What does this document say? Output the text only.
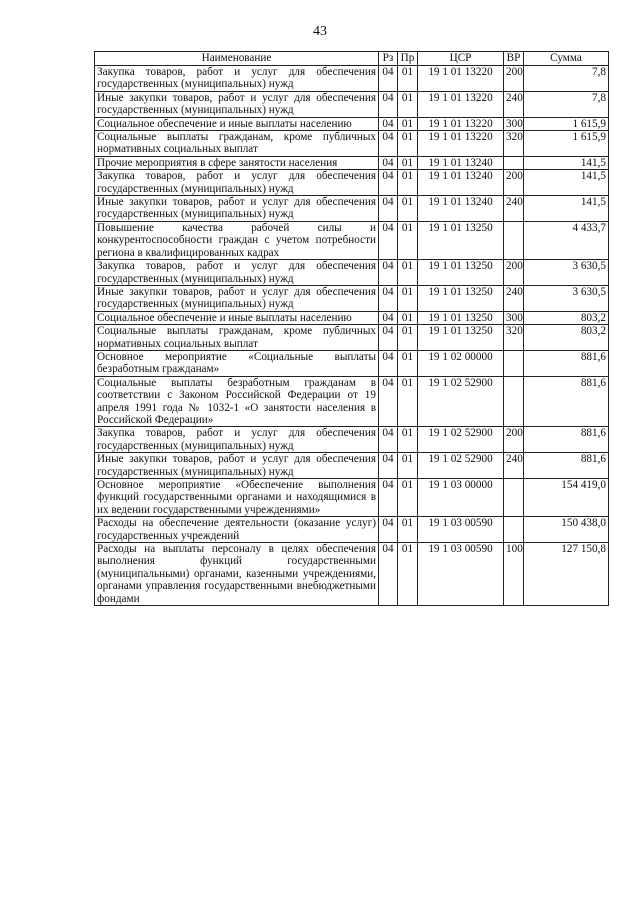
43
Наименование	Рз	Пр	ЦСР	ВР	Сумма
Закупка товаров, работ и услуг для обеспечения государственных (муниципальных) нужд	04	01	19 1 01 13220	200	7,8
Иные закупки товаров, работ и услуг для обеспечения государственных (муниципальных) нужд	04	01	19 1 01 13220	240	7,8
Социальное обеспечение и иные выплаты населению	04	01	19 1 01 13220	300	1 615,9
Социальные выплаты гражданам, кроме публичных нормативных социальных выплат	04	01	19 1 01 13220	320	1 615,9
Прочие мероприятия в сфере занятости населения	04	01	19 1 01 13240		141,5
Закупка товаров, работ и услуг для обеспечения государственных (муниципальных) нужд	04	01	19 1 01 13240	200	141,5
Иные закупки товаров, работ и услуг для обеспечения государственных (муниципальных) нужд	04	01	19 1 01 13240	240	141,5
Повышение качества рабочей силы и конкурентоспособности граждан с учетом потребности региона в квалифицированных кадрах	04	01	19 1 01 13250		4 433,7
Закупка товаров, работ и услуг для обеспечения государственных (муниципальных) нужд	04	01	19 1 01 13250	200	3 630,5
Иные закупки товаров, работ и услуг для обеспечения государственных (муниципальных) нужд	04	01	19 1 01 13250	240	3 630,5
Социальное обеспечение и иные выплаты населению	04	01	19 1 01 13250	300	803,2
Социальные выплаты гражданам, кроме публичных нормативных социальных выплат	04	01	19 1 01 13250	320	803,2
Основное мероприятие «Социальные выплаты безработным гражданам»	04	01	19 1 02 00000		881,6
Социальные выплаты безработным гражданам в соответствии с Законом Российской Федерации от 19 апреля 1991 года № 1032-1 «О занятости населения в Российской Федерации»	04	01	19 1 02 52900		881,6
Закупка товаров, работ и услуг для обеспечения государственных (муниципальных) нужд	04	01	19 1 02 52900	200	881,6
Иные закупки товаров, работ и услуг для обеспечения государственных (муниципальных) нужд	04	01	19 1 02 52900	240	881,6
Основное мероприятие «Обеспечение выполнения функций государственными органами и находящимися в их ведении государственными учреждениями»	04	01	19 1 03 00000		154 419,0
Расходы на обеспечение деятельности (оказание услуг) государственных учреждений	04	01	19 1 03 00590		150 438,0
Расходы на выплаты персоналу в целях обеспечения выполнения функций государственными (муниципальными) органами, казенными учреждениями, органами управления государственными внебюджетными фондами	04	01	19 1 03 00590	100	127 150,8
